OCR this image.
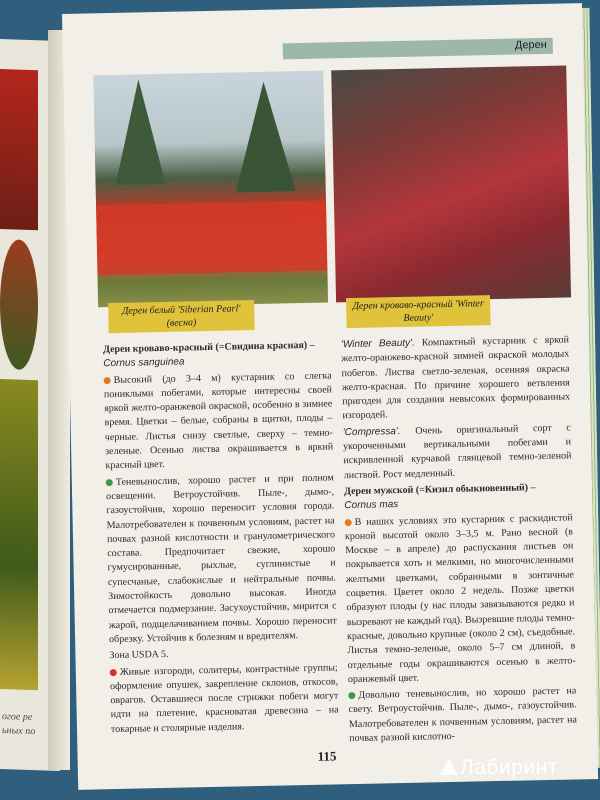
огое ре
ьных по
Дерен
Дерен белый 'Siberian Pearl' (весна)
Дерен кроваво-красный 'Winter Beauty'

Дерен кроваво-красный (=Свидина красная) –
Cornus sanguinea

Высокий (до 3–4 м) кустарник со слегка пониклыми побегами, которые интересны своей яркой желто-оранжевой окраской, особенно в зимнее время. Цветки – белые, собраны в щитки, плоды – черные. Листья снизу светлые, сверху – темно-зеленые. Осенью листва окрашивается в яркий красный цвет.

Теневынослив, хорошо растет и при полном освещении. Ветроустойчив. Пыле-, дымо-, газоустойчив, хорошо переносит условия города. Малотребователен к почвенным условиям, растет на почвах разной кислотности и гранулометрического состава. Предпочитает свежие, хорошо гумусированные, рыхлые, суглинистые и супесчаные, слабокислые и нейтральные почвы. Зимостойкость довольно высокая. Иногда отмечается подмерзание. Засухоустойчив, мирится с жарой, подщелачиванием почвы. Хорошо переносит обрезку. Устойчив к болезням и вредителям.

Зона USDA 5.

Живые изгороди, солитеры, контрастные группы; оформление опушек, закрепление склонов, откосов, оврагов. Оставшиеся после стрижки побеги могут идти на плетение, красноватая древесина – на токарные и столярные изделия.

'Winter Beauty'. Компактный кустарник с яркой желто-оранжево-красной зимней окраской молодых побегов. Листва светло-зеленая, осенняя окраска желто-красная. По причине хорошего ветвления пригоден для создания невысоких формированных изгородей.

'Compressa'. Очень оригинальный сорт с укороченными вертикальными побегами и искривленной курчавой глянцевой темно-зеленой листвой. Рост медленный.

Дерен мужской (=Кизил обыкновенный) –
Cornus mas

В наших условиях это кустарник с раскидистой кроной высотой около 3–3,5 м. Рано весной (в Москве – в апреле) до распускания листьев он покрывается хоть и мелкими, но многочисленными желтыми цветками, собранными в зонтичные соцветия. Цветет около 2 недель. Позже цветки образуют плоды (у нас плоды завязываются редко и вызревают не каждый год). Вызревшие плоды темно-красные, довольно крупные (около 2 см), съедобные. Листья темно-зеленые, около 5–7 см длиной, в отдельные годы окрашиваются осенью в желто-оранжевый цвет.

Довольно теневынослив, но хорошо растет на свету. Ветроустойчив. Пыле-, дымо-, газоустойчив. Малотребователен к почвенным условиям, растет на почвах разной кислотно-

115	Лабиринт
